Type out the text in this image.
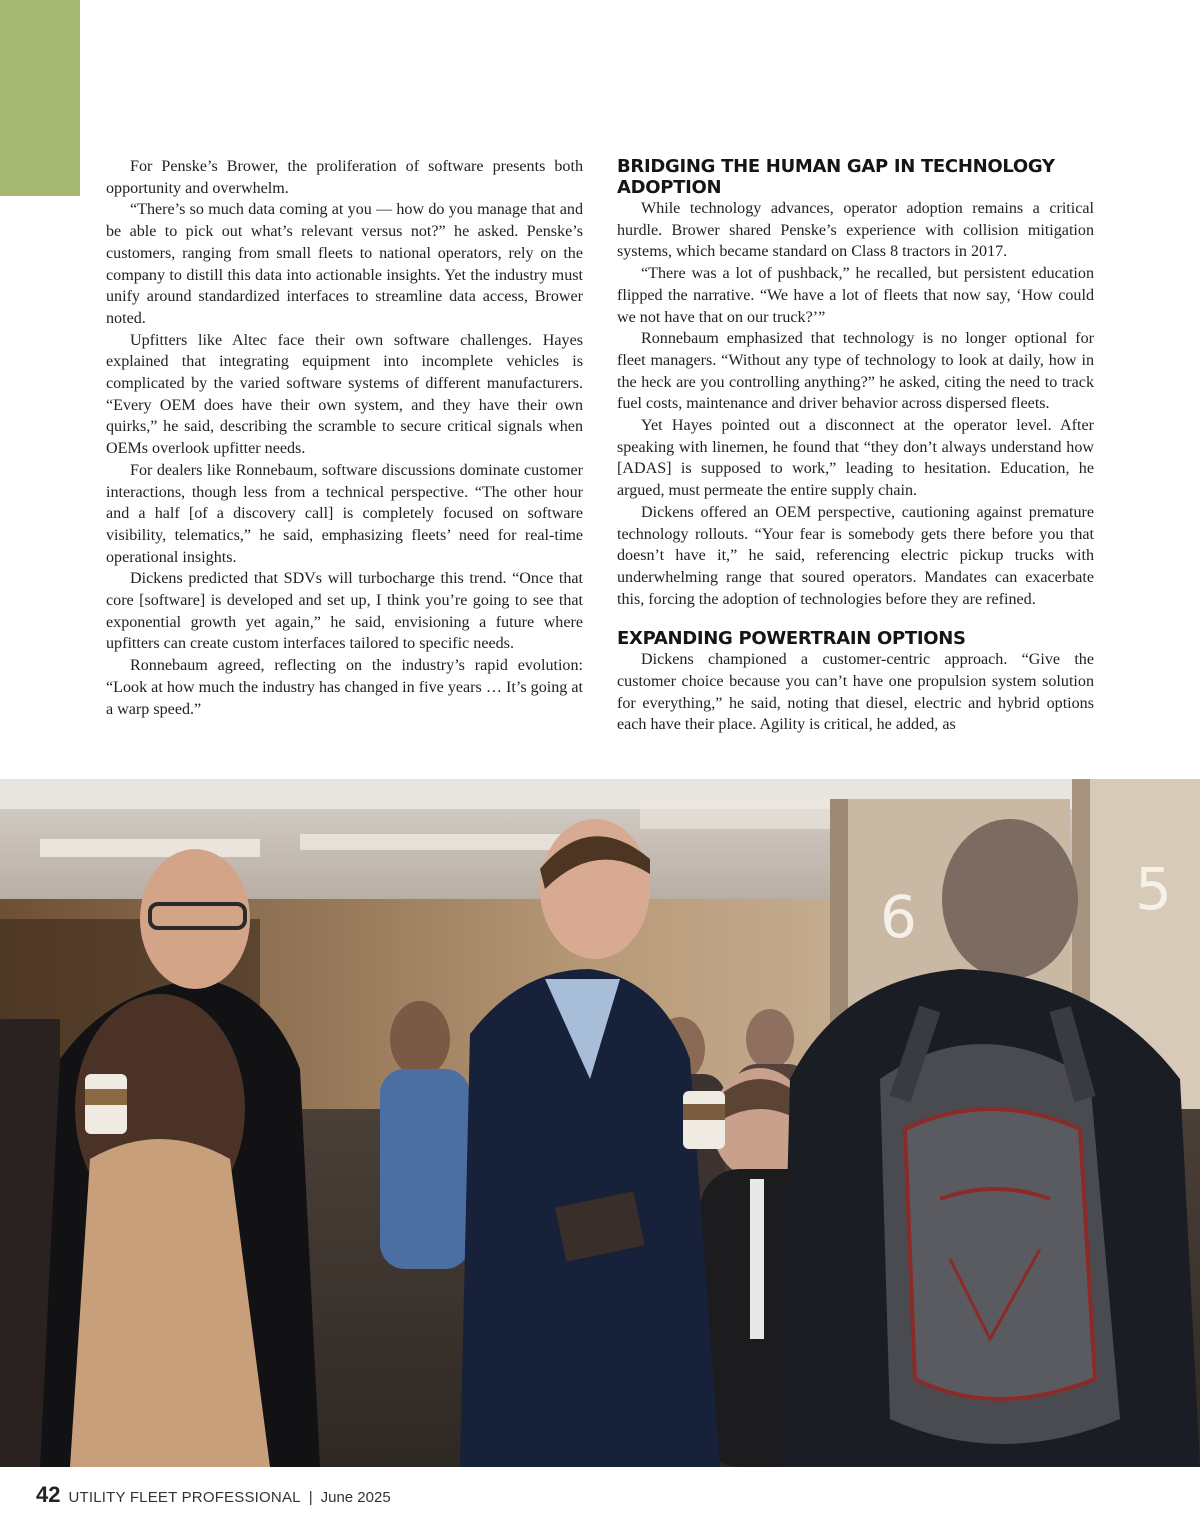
For Penske’s Brower, the proliferation of software presents both opportunity and overwhelm.

“There’s so much data coming at you — how do you manage that and be able to pick out what’s relevant versus not?” he asked. Penske’s customers, ranging from small fleets to national operators, rely on the company to distill this data into actionable insights. Yet the industry must unify around standardized interfaces to streamline data access, Brower noted.

Upfitters like Altec face their own software challenges. Hayes explained that integrating equipment into incomplete vehicles is complicated by the varied software systems of different manufacturers. “Every OEM does have their own system, and they have their own quirks,” he said, describing the scramble to secure critical signals when OEMs overlook upfitter needs.

For dealers like Ronnebaum, software discussions dominate customer interactions, though less from a technical perspective. “The other hour and a half [of a discovery call] is completely focused on software visibility, telematics,” he said, emphasizing fleets’ need for real-time operational insights.

Dickens predicted that SDVs will turbocharge this trend. “Once that core [software] is developed and set up, I think you’re going to see that exponential growth yet again,” he said, envisioning a future where upfitters can create custom interfaces tailored to specific needs.

Ronnebaum agreed, reflecting on the industry’s rapid evolution: “Look at how much the industry has changed in five years … It’s going at a warp speed.”

BRIDGING THE HUMAN GAP IN TECHNOLOGY ADOPTION

While technology advances, operator adoption remains a critical hurdle. Brower shared Penske’s experience with collision mitigation systems, which became standard on Class 8 tractors in 2017.

“There was a lot of pushback,” he recalled, but persistent education flipped the narrative. “We have a lot of fleets that now say, ‘How could we not have that on our truck?’”

Ronnebaum emphasized that technology is no longer optional for fleet managers. “Without any type of technology to look at daily, how in the heck are you controlling anything?” he asked, citing the need to track fuel costs, maintenance and driver behavior across dispersed fleets.

Yet Hayes pointed out a disconnect at the operator level. After speaking with linemen, he found that “they don’t always understand how [ADAS] is supposed to work,” leading to hesitation. Education, he argued, must permeate the entire supply chain.

Dickens offered an OEM perspective, cautioning against premature technology rollouts. “Your fear is somebody gets there before you that doesn’t have it,” he said, referencing electric pickup trucks with underwhelming range that soured operators. Mandates can exacerbate this, forcing the adoption of technologies before they are refined.

EXPANDING POWERTRAIN OPTIONS

Dickens championed a customer-centric approach. “Give the customer choice because you can’t have one propulsion system solution for everything,” he said, noting that diesel, electric and hybrid options each have their place. Agility is critical, he added, as

6	5
42 UTILITY FLEET PROFESSIONAL | June 2025
